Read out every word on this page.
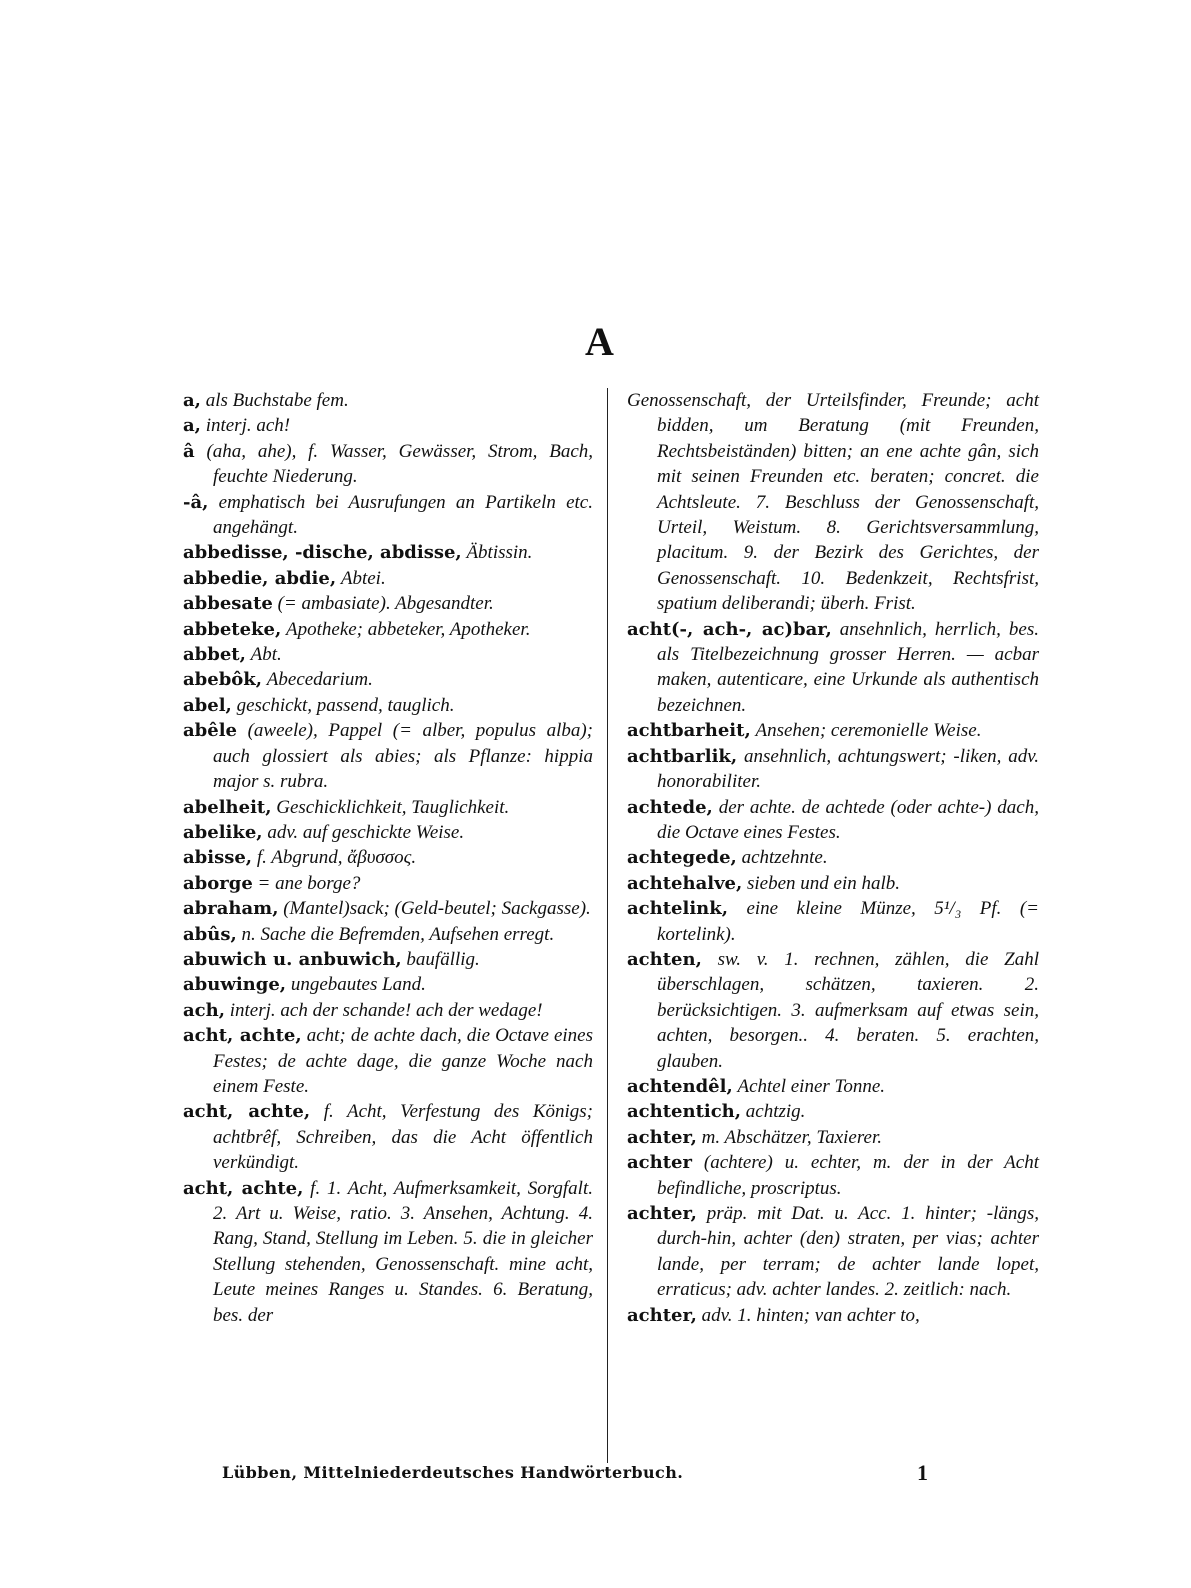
A

a, als Buchstabe fem.

a, interj. ach!

â (aha, ahe), f. Wasser, Gewässer, Strom, Bach, feuchte Niederung.

-â, emphatisch bei Ausrufungen an Partikeln etc. angehängt.

abbedisse, -dische, abdisse, Äbtissin.

abbedie, abdie, Abtei.

abbesate (= ambasiate). Abgesandter.

abbeteke, Apotheke; abbeteker, Apotheker.

abbet, Abt.

abebôk, Abecedarium.

abel, geschickt, passend, tauglich.

abêle (aweele), Pappel (= alber, populus alba); auch glossiert als abies; als Pflanze: hippia major s. rubra.

abelheit, Geschicklichkeit, Tauglichkeit.

abelike, adv. auf geschickte Weise.

abisse, f. Abgrund, ἄβυσσος.

aborge = ane borge?

abraham, (Mantel)sack; (Geld-beutel; Sackgasse).

abûs, n. Sache die Befremden, Aufsehen erregt.

abuwich u. anbuwich, baufällig.

abuwinge, ungebautes Land.

ach, interj. ach der schande! ach der wedage!

acht, achte, acht; de achte dach, die Octave eines Festes; de achte dage, die ganze Woche nach einem Feste.

acht, achte, f. Acht, Verfestung des Königs; achtbrêf, Schreiben, das die Acht öffentlich verkündigt.

acht, achte, f. 1. Acht, Aufmerksamkeit, Sorgfalt. 2. Art u. Weise, ratio. 3. Ansehen, Achtung. 4. Rang, Stand, Stellung im Leben. 5. die in gleicher Stellung stehenden, Genossenschaft. mine acht, Leute meines Ranges u. Standes. 6. Beratung, bes. der

Genossenschaft, der Urteilsfinder, Freunde; acht bidden, um Beratung (mit Freunden, Rechtsbeiständen) bitten; an ene achte gân, sich mit seinen Freunden etc. beraten; concret. die Achtsleute. 7. Beschluss der Genossenschaft, Urteil, Weistum. 8. Gerichtsversammlung, placitum. 9. der Bezirk des Gerichtes, der Genossenschaft. 10. Bedenkzeit, Rechtsfrist, spatium deliberandi; überh. Frist.

acht(-, ach-, ac)bar, ansehnlich, herrlich, bes. als Titelbezeichnung grosser Herren. — acbar maken, autenticare, eine Urkunde als authentisch bezeichnen.

achtbarheit, Ansehen; ceremonielle Weise.

achtbarlik, ansehnlich, achtungswert; -liken, adv. honorabiliter.

achtede, der achte. de achtede (oder achte-) dach, die Octave eines Festes.

achtegede, achtzehnte.

achtehalve, sieben und ein halb.

achtelink, eine kleine Münze, 5¹/₃ Pf. (= kortelink).

achten, sw. v. 1. rechnen, zählen, die Zahl überschlagen, schätzen, taxieren. 2. berücksichtigen. 3. aufmerksam auf etwas sein, achten, besorgen.. 4. beraten. 5. erachten, glauben.

achtendêl, Achtel einer Tonne.

achtentich, achtzig.

achter, m. Abschätzer, Taxierer.

achter (achtere) u. echter, m. der in der Acht befindliche, proscriptus.

achter, präp. mit Dat. u. Acc. 1. hinter; -längs, durch-hin, achter (den) straten, per vias; achter lande, per terram; de achter lande lopet, erraticus; adv. achter landes. 2. zeitlich: nach.

achter, adv. 1. hinten; van achter to,

Lübben, Mittelniederdeutsches Handwörterbuch.	1
